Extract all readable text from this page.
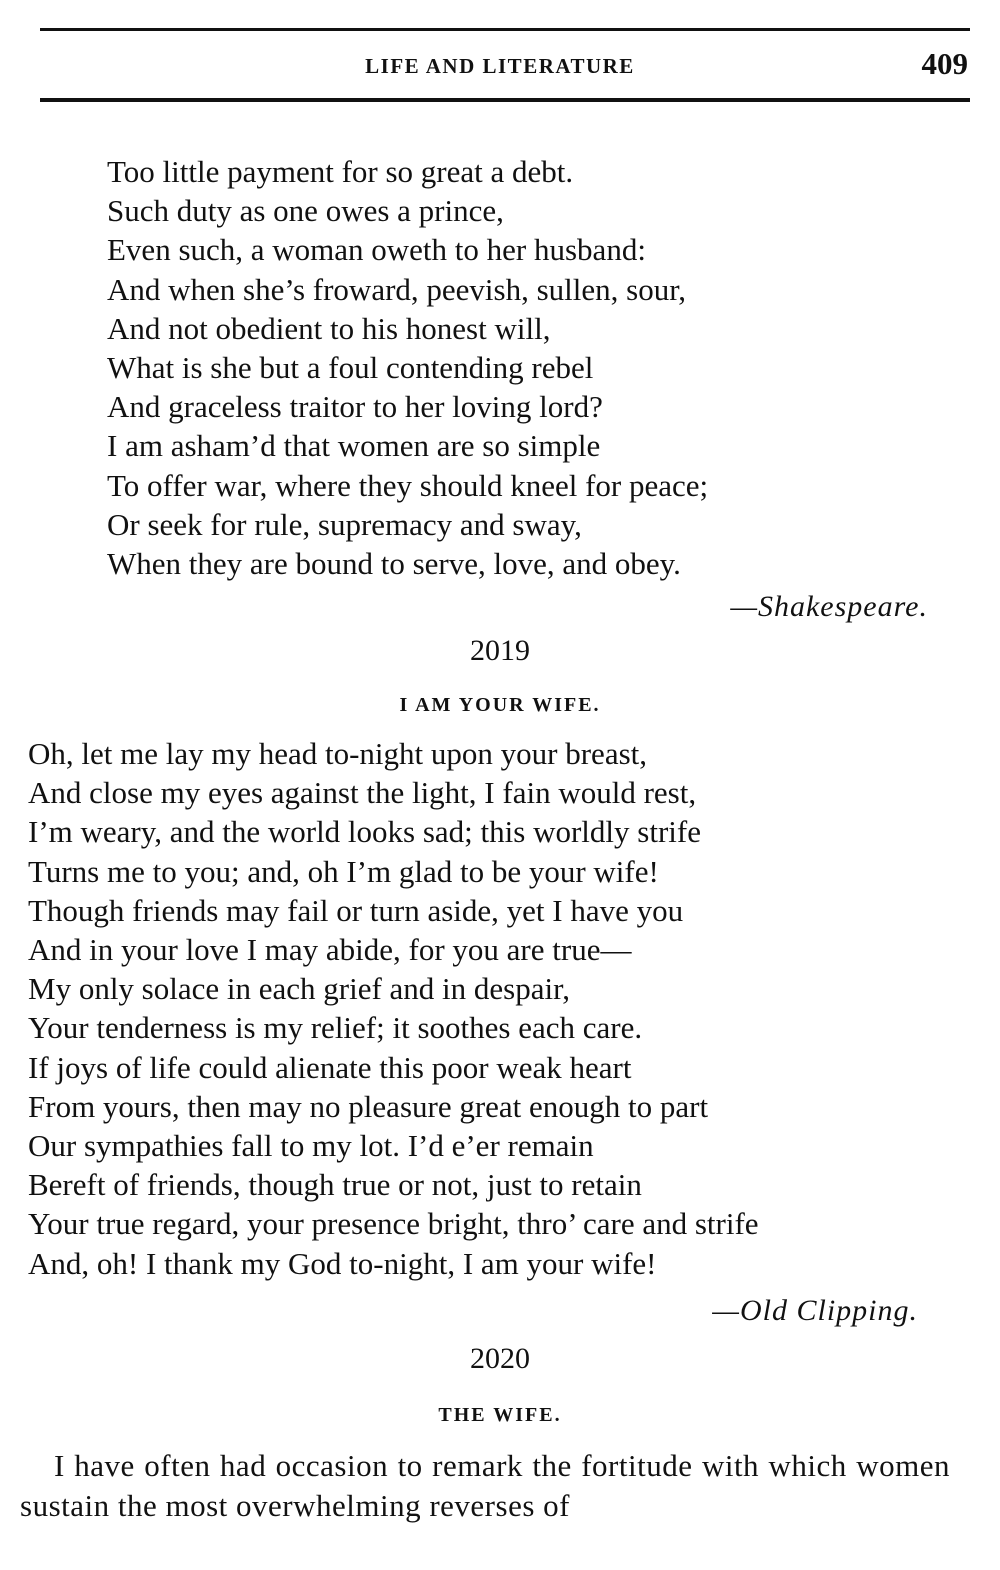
LIFE AND LITERATURE	409
Too little payment for so great a debt.
Such duty as one owes a prince,
Even such, a woman oweth to her husband:
And when she’s froward, peevish, sullen, sour,
And not obedient to his honest will,
What is she but a foul contending rebel
And graceless traitor to her loving lord?
I am asham’d that women are so simple
To offer war, where they should kneel for peace;
Or seek for rule, supremacy and sway,
When they are bound to serve, love, and obey.
—Shakespeare.
2019
I AM YOUR WIFE.
Oh, let me lay my head to-night upon your breast,
And close my eyes against the light, I fain would rest,
I’m weary, and the world looks sad; this worldly strife
Turns me to you; and, oh I’m glad to be your wife!
Though friends may fail or turn aside, yet I have you
And in your love I may abide, for you are true—
My only solace in each grief and in despair,
Your tenderness is my relief; it soothes each care.
If joys of life could alienate this poor weak heart
From yours, then may no pleasure great enough to part
Our sympathies fall to my lot. I’d e’er remain
Bereft of friends, though true or not, just to retain
Your true regard, your presence bright, thro’ care and strife
And, oh! I thank my God to-night, I am your wife!
—Old Clipping.
2020
THE WIFE.
I have often had occasion to remark the fortitude with which women sustain the most overwhelming reverses of
